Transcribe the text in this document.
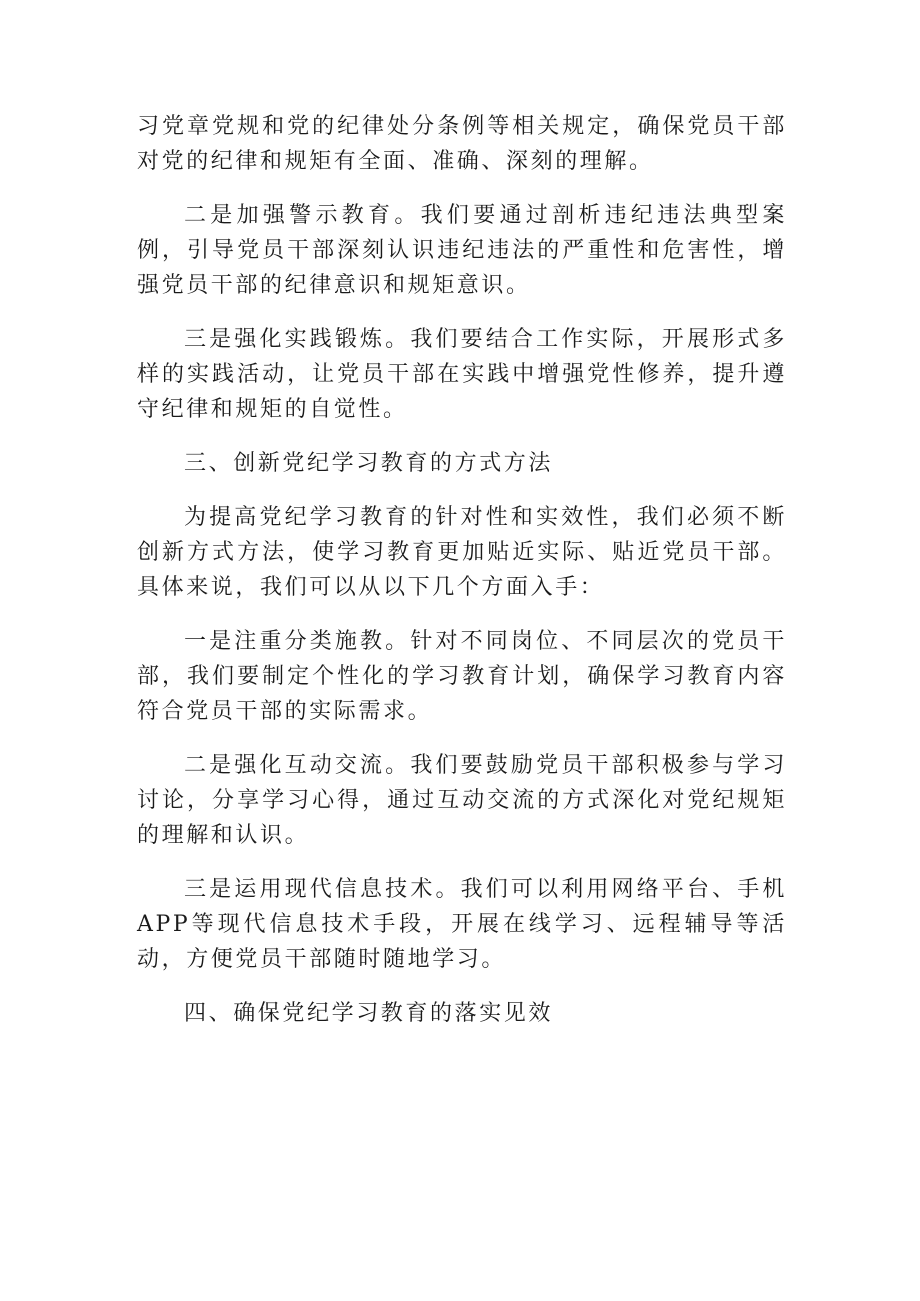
习党章党规和党的纪律处分条例等相关规定，确保党员干部对党的纪律和规矩有全面、准确、深刻的理解。

二是加强警示教育。我们要通过剖析违纪违法典型案例，引导党员干部深刻认识违纪违法的严重性和危害性，增强党员干部的纪律意识和规矩意识。

三是强化实践锻炼。我们要结合工作实际，开展形式多样的实践活动，让党员干部在实践中增强党性修养，提升遵守纪律和规矩的自觉性。

三、创新党纪学习教育的方式方法

为提高党纪学习教育的针对性和实效性，我们必须不断创新方式方法，使学习教育更加贴近实际、贴近党员干部。具体来说，我们可以从以下几个方面入手：

一是注重分类施教。针对不同岗位、不同层次的党员干部，我们要制定个性化的学习教育计划，确保学习教育内容符合党员干部的实际需求。

二是强化互动交流。我们要鼓励党员干部积极参与学习讨论，分享学习心得，通过互动交流的方式深化对党纪规矩的理解和认识。

三是运用现代信息技术。我们可以利用网络平台、手机APP等现代信息技术手段，开展在线学习、远程辅导等活动，方便党员干部随时随地学习。

四、确保党纪学习教育的落实见效
